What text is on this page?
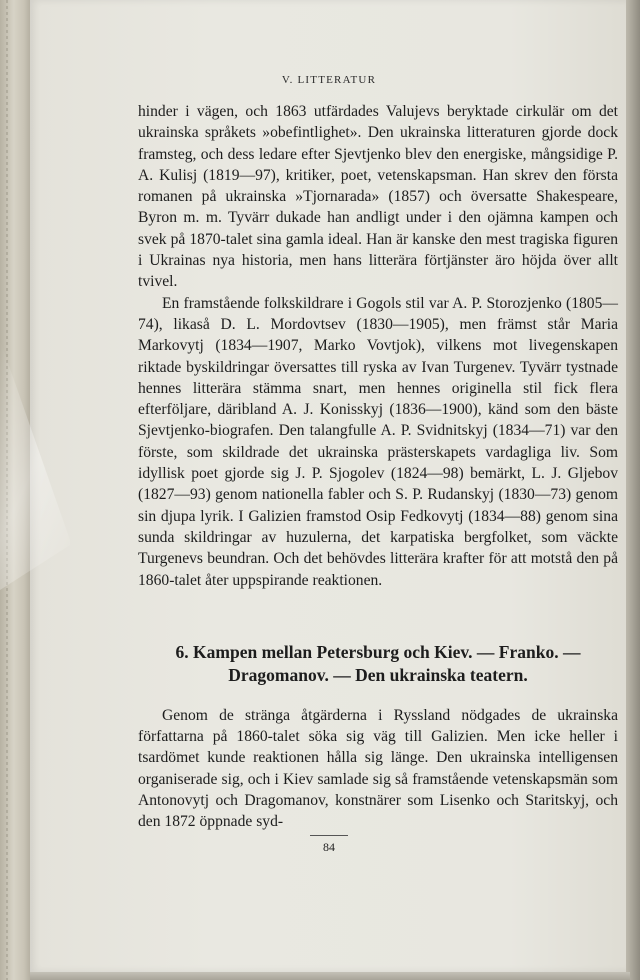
V. LITTERATUR

hinder i vägen, och 1863 utfärdades Valujevs beryktade cirkulär om det ukrainska språkets »obefintlighet». Den ukrainska litteraturen gjorde dock framsteg, och dess ledare efter Sjevtjenko blev den energiske, mångsidige P. A. Kulisj (1819—97), kritiker, poet, vetenskapsman. Han skrev den första romanen på ukrainska »Tjornarada» (1857) och översatte Shakespeare, Byron m. m. Tyvärr dukade han andligt under i den ojämna kampen och svek på 1870-talet sina gamla ideal. Han är kanske den mest tragiska figuren i Ukrainas nya historia, men hans litterära förtjänster äro höjda över allt tvivel.

En framstående folkskildrare i Gogols stil var A. P. Storozjenko (1805—74), likaså D. L. Mordovtsev (1830—1905), men främst står Maria Markovytj (1834—1907, Marko Vovtjok), vilkens mot livegenskapen riktade byskildringar översattes till ryska av Ivan Turgenev. Tyvärr tystnade hennes litterära stämma snart, men hennes originella stil fick flera efterföljare, däribland A. J. Konisskyj (1836—1900), känd som den bäste Sjevtjenko-biografen. Den talangfulle A. P. Svidnitskyj (1834—71) var den förste, som skildrade det ukrainska prästerskapets vardagliga liv. Som idyllisk poet gjorde sig J. P. Sjogolev (1824—98) bemärkt, L. J. Gljebov (1827—93) genom nationella fabler och S. P. Rudanskyj (1830—73) genom sin djupa lyrik. I Galizien framstod Osip Fedkovytj (1834—88) genom sina sunda skildringar av huzulerna, det karpatiska bergfolket, som väckte Turgenevs beundran. Och det behövdes litterära krafter för att motstå den på 1860-talet åter uppspirande reaktionen.

6. Kampen mellan Petersburg och Kiev. — Franko. — Dragomanov. — Den ukrainska teatern.

Genom de stränga åtgärderna i Ryssland nödgades de ukrainska författarna på 1860-talet söka sig väg till Galizien. Men icke heller i tsardömet kunde reaktionen hålla sig länge. Den ukrainska intelligensen organiserade sig, och i Kiev samlade sig så framstående vetenskapsmän som Antonovytj och Dragomanov, konstnärer som Lisenko och Staritskyj, och den 1872 öppnade syd-

84
